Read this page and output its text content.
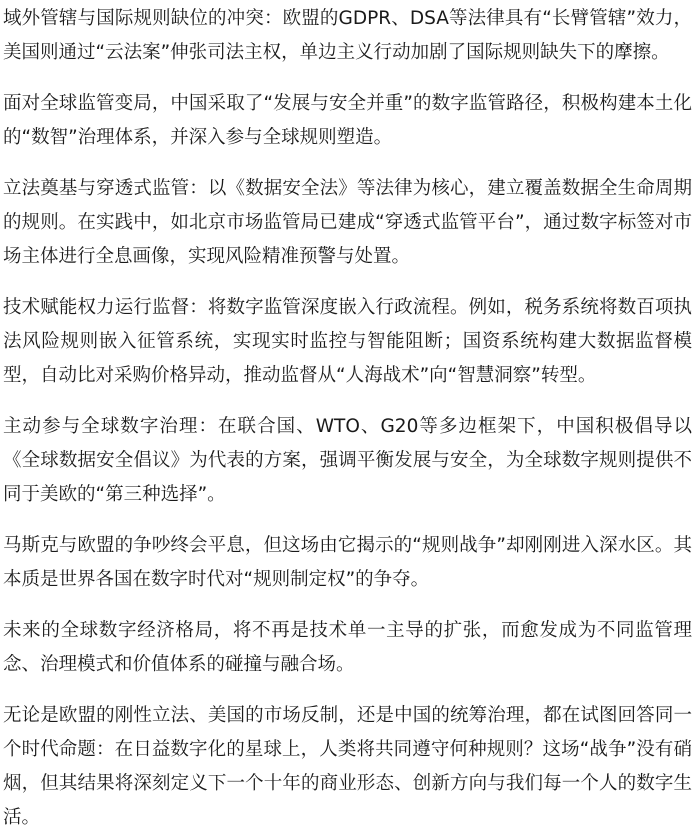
域外管辖与国际规则缺位的冲突：欧盟的GDPR、DSA等法律具有“长臂管辖”效力，美国则通过“云法案”伸张司法主权，单边主义行动加剧了国际规则缺失下的摩擦。

面对全球监管变局，中国采取了“发展与安全并重”的数字监管路径，积极构建本土化的“数智”治理体系，并深入参与全球规则塑造。

立法奠基与穿透式监管：以《数据安全法》等法律为核心，建立覆盖数据全生命周期的规则。在实践中，如北京市场监管局已建成“穿透式监管平台”，通过数字标签对市场主体进行全息画像，实现风险精准预警与处置。

技术赋能权力运行监督：将数字监管深度嵌入行政流程。例如，税务系统将数百项执法风险规则嵌入征管系统，实现实时监控与智能阻断；国资系统构建大数据监督模型，自动比对采购价格异动，推动监督从“人海战术”向“智慧洞察”转型。

主动参与全球数字治理：在联合国、WTO、G20等多边框架下，中国积极倡导以《全球数据安全倡议》为代表的方案，强调平衡发展与安全，为全球数字规则提供不同于美欧的“第三种选择”。

马斯克与欧盟的争吵终会平息，但这场由它揭示的“规则战争”却刚刚进入深水区。其本质是世界各国在数字时代对“规则制定权”的争夺。

未来的全球数字经济格局，将不再是技术单一主导的扩张，而愈发成为不同监管理念、治理模式和价值体系的碰撞与融合场。

无论是欧盟的刚性立法、美国的市场反制，还是中国的统筹治理，都在试图回答同一个时代命题：在日益数字化的星球上，人类将共同遵守何种规则？这场“战争”没有硝烟，但其结果将深刻定义下一个十年的商业形态、创新方向与我们每一个人的数字生活。
